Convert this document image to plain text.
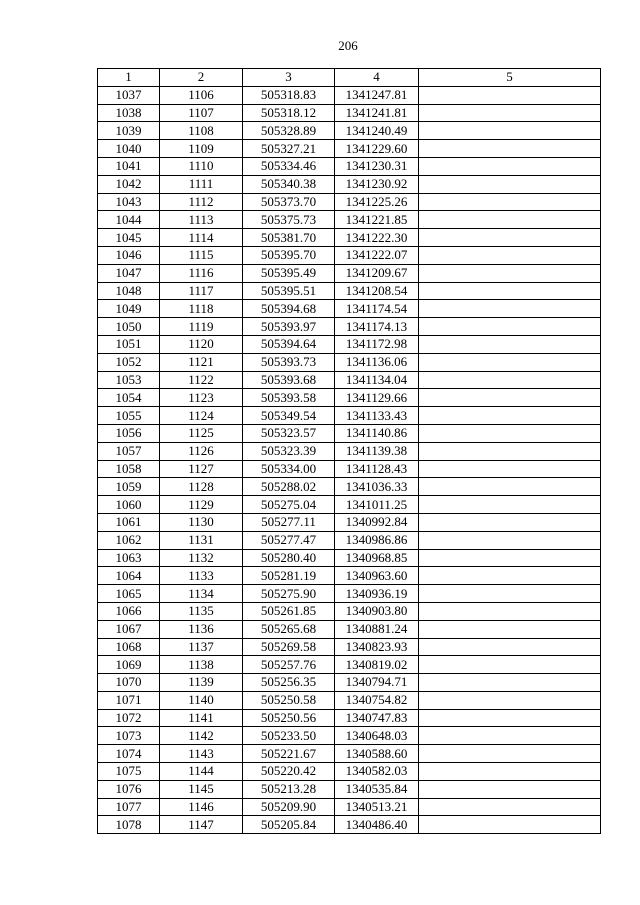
206
1	2	3	4	5
1037	1106	505318.83	1341247.81	
1038	1107	505318.12	1341241.81	
1039	1108	505328.89	1341240.49	
1040	1109	505327.21	1341229.60	
1041	1110	505334.46	1341230.31	
1042	1111	505340.38	1341230.92	
1043	1112	505373.70	1341225.26	
1044	1113	505375.73	1341221.85	
1045	1114	505381.70	1341222.30	
1046	1115	505395.70	1341222.07	
1047	1116	505395.49	1341209.67	
1048	1117	505395.51	1341208.54	
1049	1118	505394.68	1341174.54	
1050	1119	505393.97	1341174.13	
1051	1120	505394.64	1341172.98	
1052	1121	505393.73	1341136.06	
1053	1122	505393.68	1341134.04	
1054	1123	505393.58	1341129.66	
1055	1124	505349.54	1341133.43	
1056	1125	505323.57	1341140.86	
1057	1126	505323.39	1341139.38	
1058	1127	505334.00	1341128.43	
1059	1128	505288.02	1341036.33	
1060	1129	505275.04	1341011.25	
1061	1130	505277.11	1340992.84	
1062	1131	505277.47	1340986.86	
1063	1132	505280.40	1340968.85	
1064	1133	505281.19	1340963.60	
1065	1134	505275.90	1340936.19	
1066	1135	505261.85	1340903.80	
1067	1136	505265.68	1340881.24	
1068	1137	505269.58	1340823.93	
1069	1138	505257.76	1340819.02	
1070	1139	505256.35	1340794.71	
1071	1140	505250.58	1340754.82	
1072	1141	505250.56	1340747.83	
1073	1142	505233.50	1340648.03	
1074	1143	505221.67	1340588.60	
1075	1144	505220.42	1340582.03	
1076	1145	505213.28	1340535.84	
1077	1146	505209.90	1340513.21	
1078	1147	505205.84	1340486.40	
